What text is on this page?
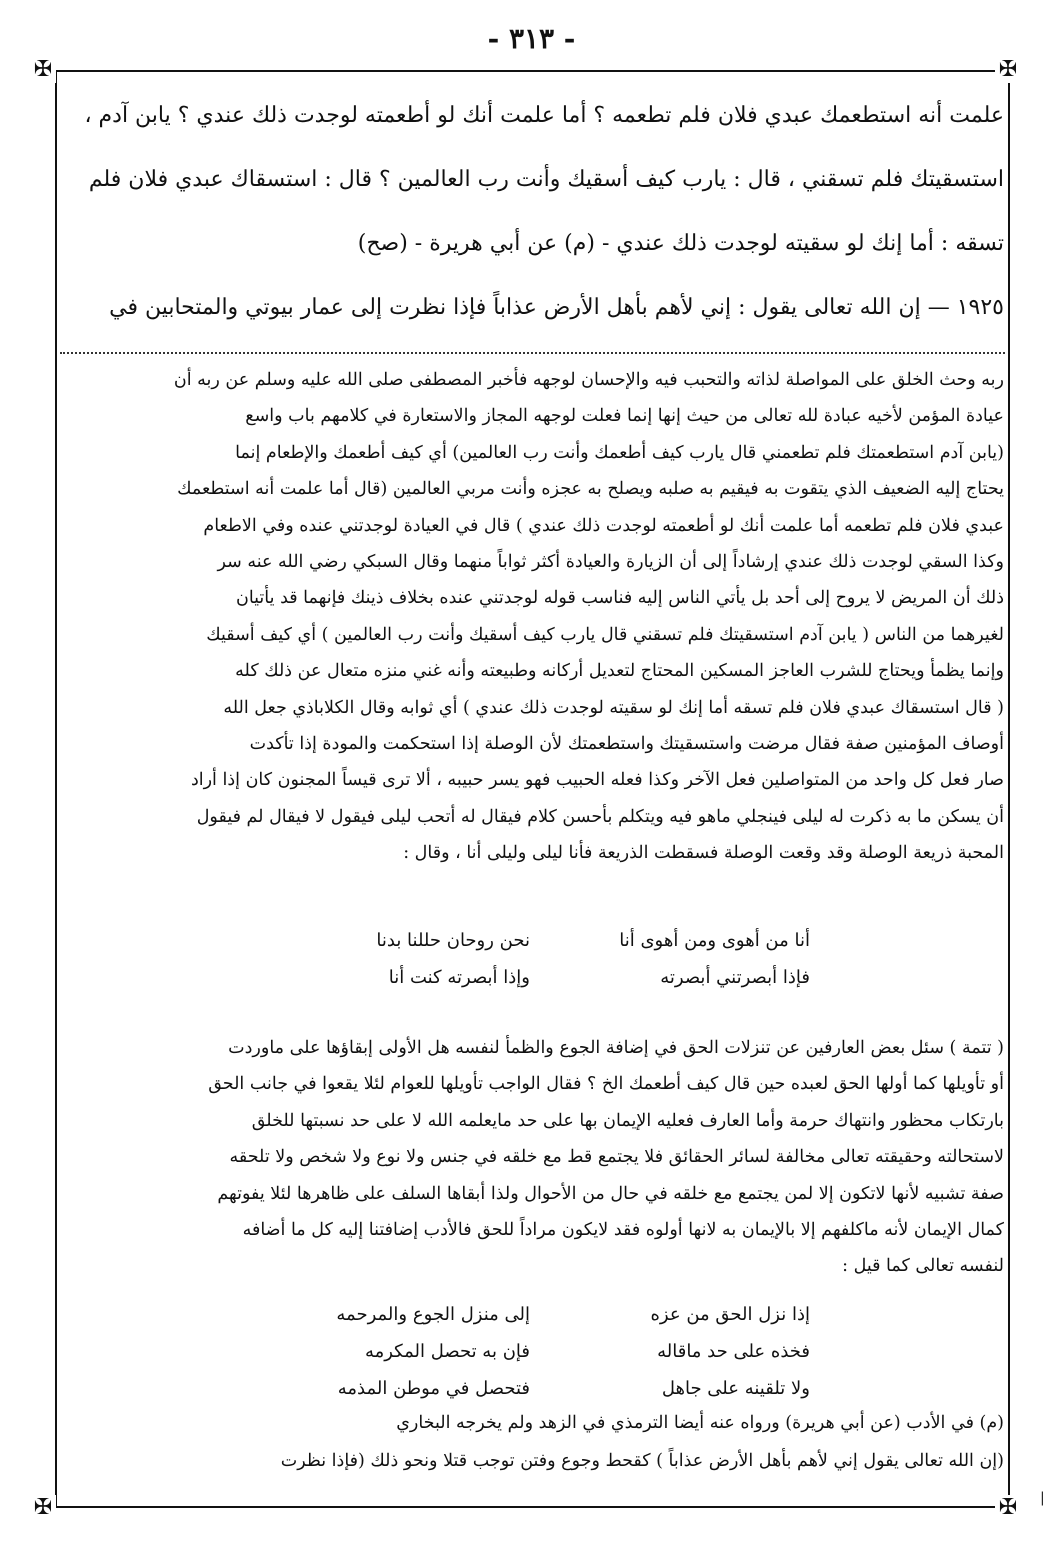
- ٣١٣ -
✠	✠
✠	✠

علمت أنه استطعمك عبدي فلان فلم تطعمه ؟ أما علمت أنك لو أطعمته لوجدت ذلك عندي ؟ يابن آدم ،

استسقيتك فلم تسقني ، قال : يارب كيف أسقيك وأنت رب العالمين ؟ قال : استسقاك عبدي فلان فلم

تسقه : أما إنك لو سقيته لوجدت ذلك عندي - (م) عن أبي هريرة - (صح)

١٩٢٥ — إن الله تعالى يقول : إني لأهم بأهل الأرض عذاباً فإذا نظرت إلى عمار بيوتي والمتحابين في

ربه وحث الخلق على المواصلة لذاته والتحبب فيه والإحسان لوجهه فأخبر المصطفى صلى الله عليه وسلم عن ربه أن

عيادة المؤمن لأخيه عبادة لله تعالى من حيث إنها إنما فعلت لوجهه المجاز والاستعارة في كلامهم باب واسع

(يابن آدم استطعمتك فلم تطعمني قال يارب كيف أطعمك وأنت رب العالمين) أي كيف أطعمك والإطعام إنما

يحتاج إليه الضعيف الذي يتقوت به فيقيم به صلبه ويصلح به عجزه وأنت مربي العالمين (قال أما علمت أنه استطعمك

عبدي فلان فلم تطعمه أما علمت أنك لو أطعمته لوجدت ذلك عندي ) قال في العيادة لوجدتني عنده وفي الاطعام

وكذا السقي لوجدت ذلك عندي إرشاداً إلى أن الزيارة والعيادة أكثر ثواباً منهما وقال السبكي رضي الله عنه سر

ذلك أن المريض لا يروح إلى أحد بل يأتي الناس إليه فناسب قوله لوجدتني عنده بخلاف ذينك فإنهما قد يأتيان

لغيرهما من الناس ( يابن آدم استسقيتك فلم تسقني قال يارب كيف أسقيك وأنت رب العالمين ) أي كيف أسقيك

وإنما يظمأ ويحتاج للشرب العاجز المسكين المحتاج لتعديل أركانه وطبيعته وأنه غني منزه متعال عن ذلك كله

( قال استسقاك عبدي فلان فلم تسقه أما إنك لو سقيته لوجدت ذلك عندي ) أي ثوابه وقال الكلاباذي جعل الله

أوصاف المؤمنين صفة فقال مرضت واستسقيتك واستطعمتك لأن الوصلة إذا استحكمت والمودة إذا تأكدت

صار فعل كل واحد من المتواصلين فعل الآخر وكذا فعله الحبيب فهو يسر حبيبه ، ألا ترى قيساً المجنون كان إذا أراد

أن يسكن ما به ذكرت له ليلى فينجلي ماهو فيه ويتكلم بأحسن كلام فيقال له أتحب ليلى فيقول لا فيقال لم فيقول

المحبة ذريعة الوصلة وقد وقعت الوصلة فسقطت الذريعة فأنا ليلى وليلى أنا ، وقال :

أنا من أهوى ومن أهوى أنانحن روحان حللنا بدنا
فإذا أبصرتني أبصرتهوإذا أبصرته كنت أنا

( تتمة ) سئل بعض العارفين عن تنزلات الحق في إضافة الجوع والظمأ لنفسه هل الأولى إبقاؤها على ماوردت

أو تأويلها كما أولها الحق لعبده حين قال كيف أطعمك الخ ؟ فقال الواجب تأويلها للعوام لئلا يقعوا في جانب الحق

بارتكاب محظور وانتهاك حرمة وأما العارف فعليه الإيمان بها على حد مايعلمه الله لا على حد نسبتها للخلق

لاستحالته وحقيقته تعالى مخالفة لسائر الحقائق فلا يجتمع قط مع خلقه في جنس ولا نوع ولا شخص ولا تلحقه

صفة تشبيه لأنها لاتكون إلا لمن يجتمع مع خلقه في حال من الأحوال ولذا أبقاها السلف على ظاهرها لئلا يفوتهم

كمال الإيمان لأنه ماكلفهم إلا بالإيمان به لانها أولوه فقد لايكون مراداً للحق فالأدب إضافتنا إليه كل ما أضافه

لنفسه تعالى كما قيل :

إذا نزل الحق من عزهإلى منزل الجوع والمرحمه
فخذه على حد ماقالهفإن به تحصل المكرمه
ولا تلقينه على جاهلفتحصل في موطن المذمه

(م) في الأدب (عن أبي هريرة) ورواه عنه أيضا الترمذي في الزهد ولم يخرجه البخاري

(إن الله تعالى يقول إني لأهم بأهل الأرض عذاباً ) كقحط وجوع وفتن توجب قتلا ونحو ذلك (فإذا نظرت

|
